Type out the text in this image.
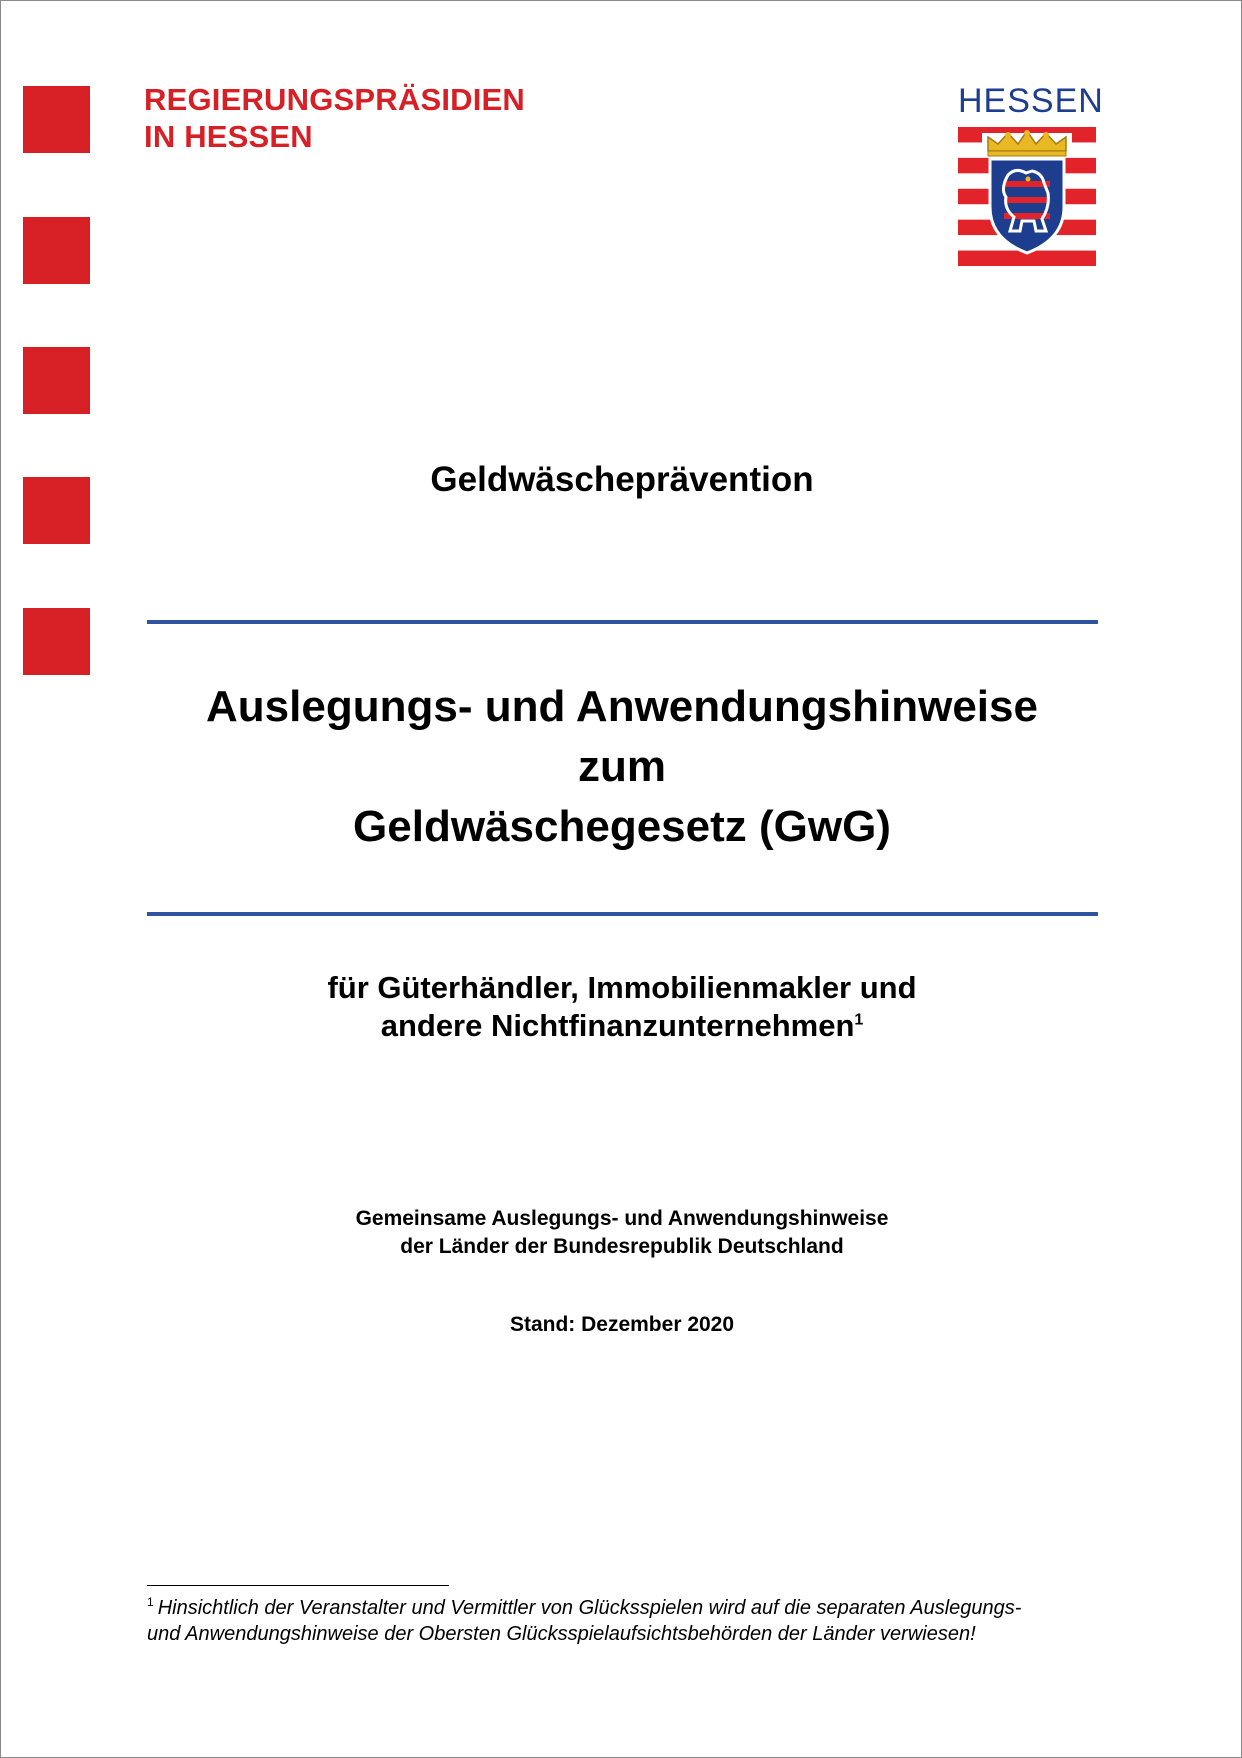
REGIERUNGSPRÄSIDIEN
IN HESSEN
HESSEN
Geldwäscheprävention
Auslegungs- und Anwendungshinweise
zum
Geldwäschegesetz (GwG)
für Güterhändler, Immobilienmakler und
andere Nichtfinanzunternehmen$^1$
Gemeinsame Auslegungs- und Anwendungshinweise
der Länder der Bundesrepublik Deutschland
Stand: Dezember 2020
$^1$ Hinsichtlich der Veranstalter und Vermittler von Glücksspielen wird auf die separaten Auslegungs-
und Anwendungshinweise der Obersten Glücksspielaufsichtsbehörden der Länder verwiesen!
